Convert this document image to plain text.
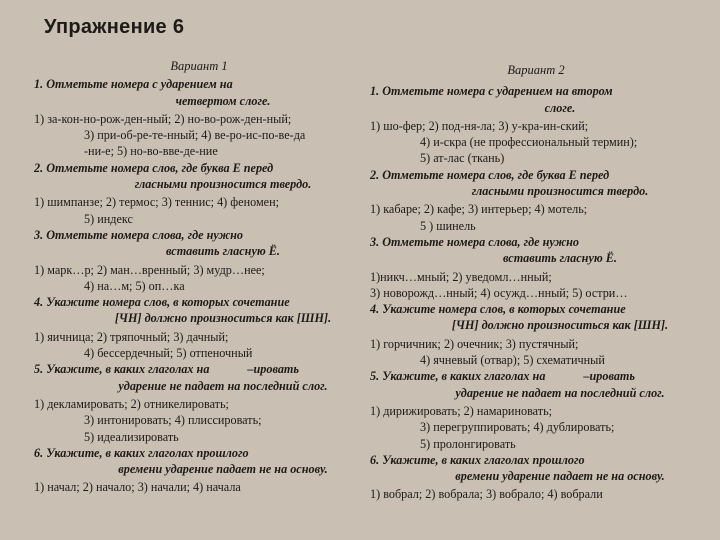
Упражнение 6
Вариант 1
1. Отметьте номера с ударением на
четвертом слоге.
1) за-кон-но-рож-ден-ный; 2) но-во-рож-ден-ный;
3) при-об-ре-те-нный; 4) ве-ро-ис-по-ве-да
-ни-е; 5) но-во-вве-де-ние
2. Отметьте номера слов, где буква Е перед
гласными произносится твердо.
1) шимпанзе; 2) термос; 3) теннис; 4) феномен;
5) индекс
3. Отметьте номера слова, где нужно
вставить гласную Ё.
1) марк…р; 2) ман…вренный; 3) мудр…нее;
4) на…м; 5) оп…ка
4. Укажите номера слов, в которых сочетание
[ЧН] должно произноситься как [ШН].
1) яичница; 2) тряпочный; 3) дачный;
4) бессердечный; 5) отпеночный
5. Укажите, в каких глаголах на	–ировать
ударение не падает на последний слог.
1) декламировать; 2) отникелировать;
3) интонировать; 4) плиссировать;
5) идеализировать
6. Укажите, в каких глаголах прошлого
времени ударение падает не на основу.
1) начал; 2) начало; 3) начали; 4) начала
Вариант 2
1. Отметьте номера с ударением на втором
слоге.
1) шо-фер; 2) под-ня-ла; 3) у-кра-ин-ский;
4) и-скра (не профессиональный термин);
5) ат-лас (ткань)
2. Отметьте номера слов, где буква Е перед
гласными произносится твердо.
1) кабаре; 2) кафе; 3) интерьер; 4) мотель;
5 ) шинель
3. Отметьте номера слова, где нужно
вставить гласную Ё.
1)никч…мный; 2) уведомл…нный;
3) новорожд…нный; 4) осужд…нный; 5) остри…
4. Укажите номера слов, в которых сочетание
[ЧН] должно произноситься как [ШН].
1) горчичник; 2) очечник; 3) пустячный;
4) ячневый (отвар); 5) схематичный
5. Укажите, в каких глаголах на	–ировать
ударение не падает на последний слог.
1) дирижировать; 2) намариновать;
3) перегруппировать; 4) дублировать;
5) пролонгировать
6. Укажите, в каких глаголах прошлого
времени ударение падает не на основу.
1) вобрал; 2) вобрала; 3) вобрало; 4) вобрали
